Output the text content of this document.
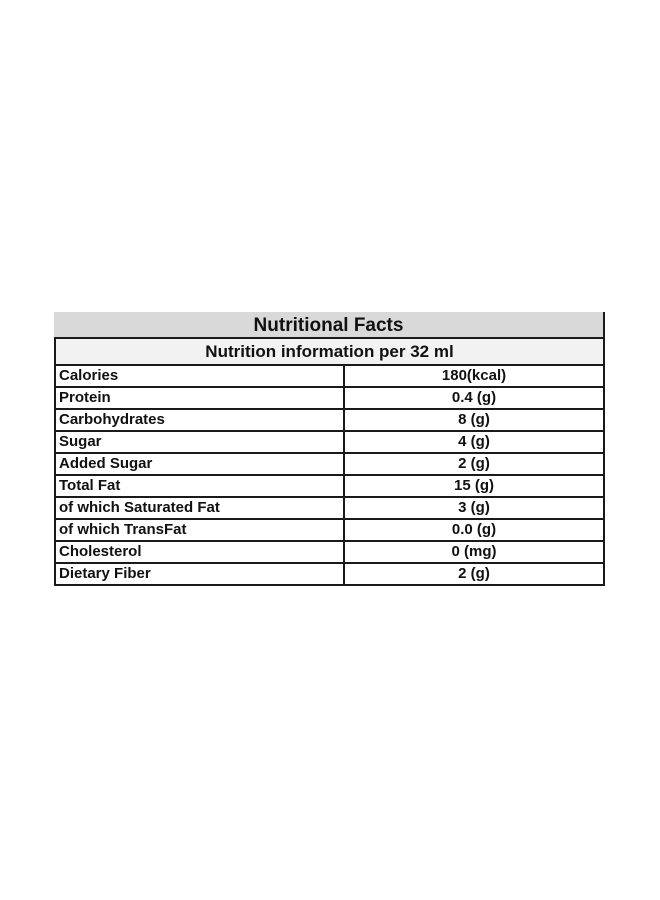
Nutritional Facts
Nutrition information per 32 ml
Calories	180(kcal)
Protein	0.4 (g)
Carbohydrates	8 (g)
Sugar	4 (g)
Added Sugar	2 (g)
Total Fat	15 (g)
of which Saturated Fat	3 (g)
of which TransFat	0.0 (g)
Cholesterol	0 (mg)
Dietary Fiber	2 (g)
